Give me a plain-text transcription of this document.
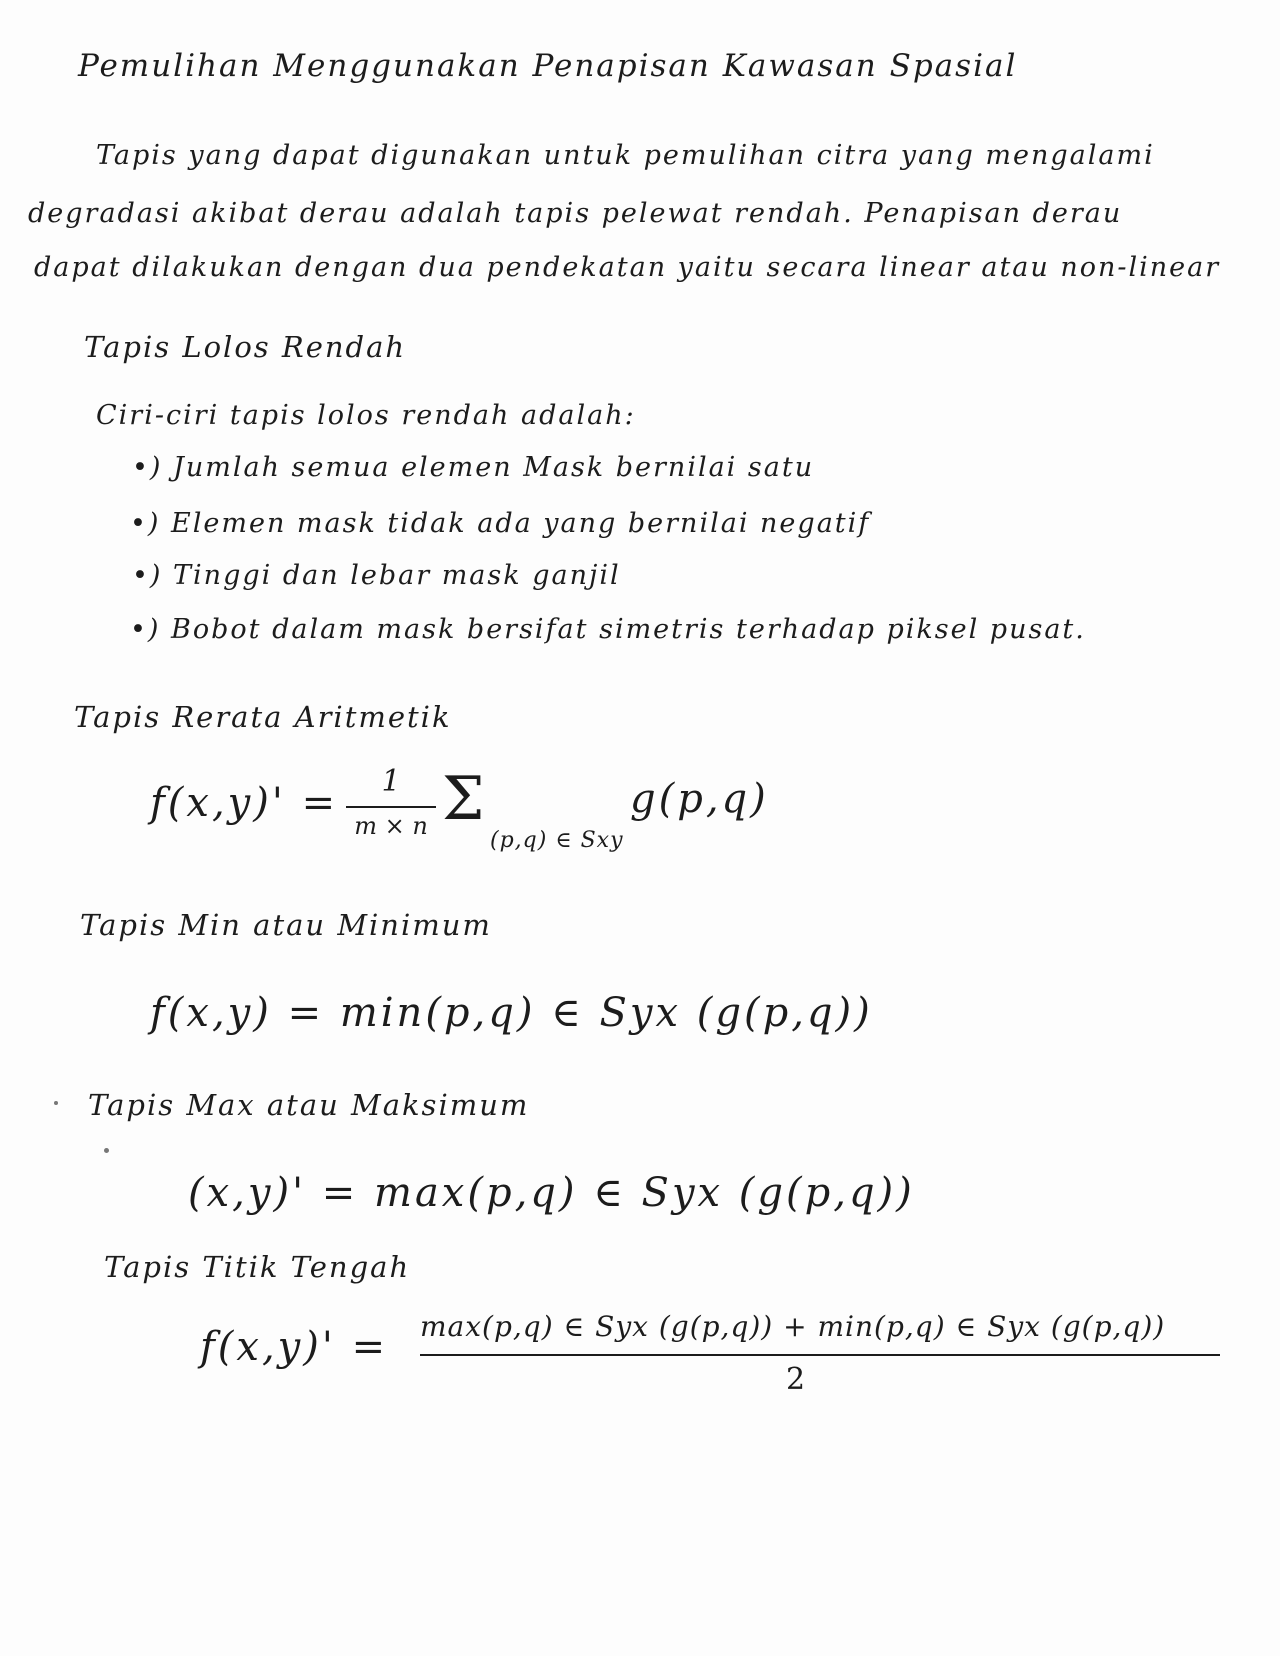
Pemulihan Menggunakan Penapisan Kawasan Spasial
Tapis yang dapat digunakan untuk pemulihan citra yang mengalami
degradasi akibat derau adalah tapis pelewat rendah. Penapisan derau
dapat dilakukan dengan dua pendekatan yaitu secara linear atau non-linear
Tapis Lolos Rendah
Ciri-ciri tapis lolos rendah adalah:
•) Jumlah semua elemen Mask bernilai satu
•) Elemen mask tidak ada yang bernilai negatif
•) Tinggi dan lebar mask ganjil
•) Bobot dalam mask bersifat simetris terhadap piksel pusat.
Tapis Rerata Aritmetik
f(x,y)' =	1
m × n Σ
(p,q) ∈ Sxy
g(p,q)
Tapis Min atau Minimum
f(x,y) = min(p,q) ∈ Syx (g(p,q))
Tapis Max atau Maksimum
(x,y)' = max(p,q) ∈ Syx (g(p,q))
Tapis Titik Tengah
f(x,y)' = max(p,q) ∈ Syx (g(p,q)) + min(p,q) ∈ Syx (g(p,q))
2
